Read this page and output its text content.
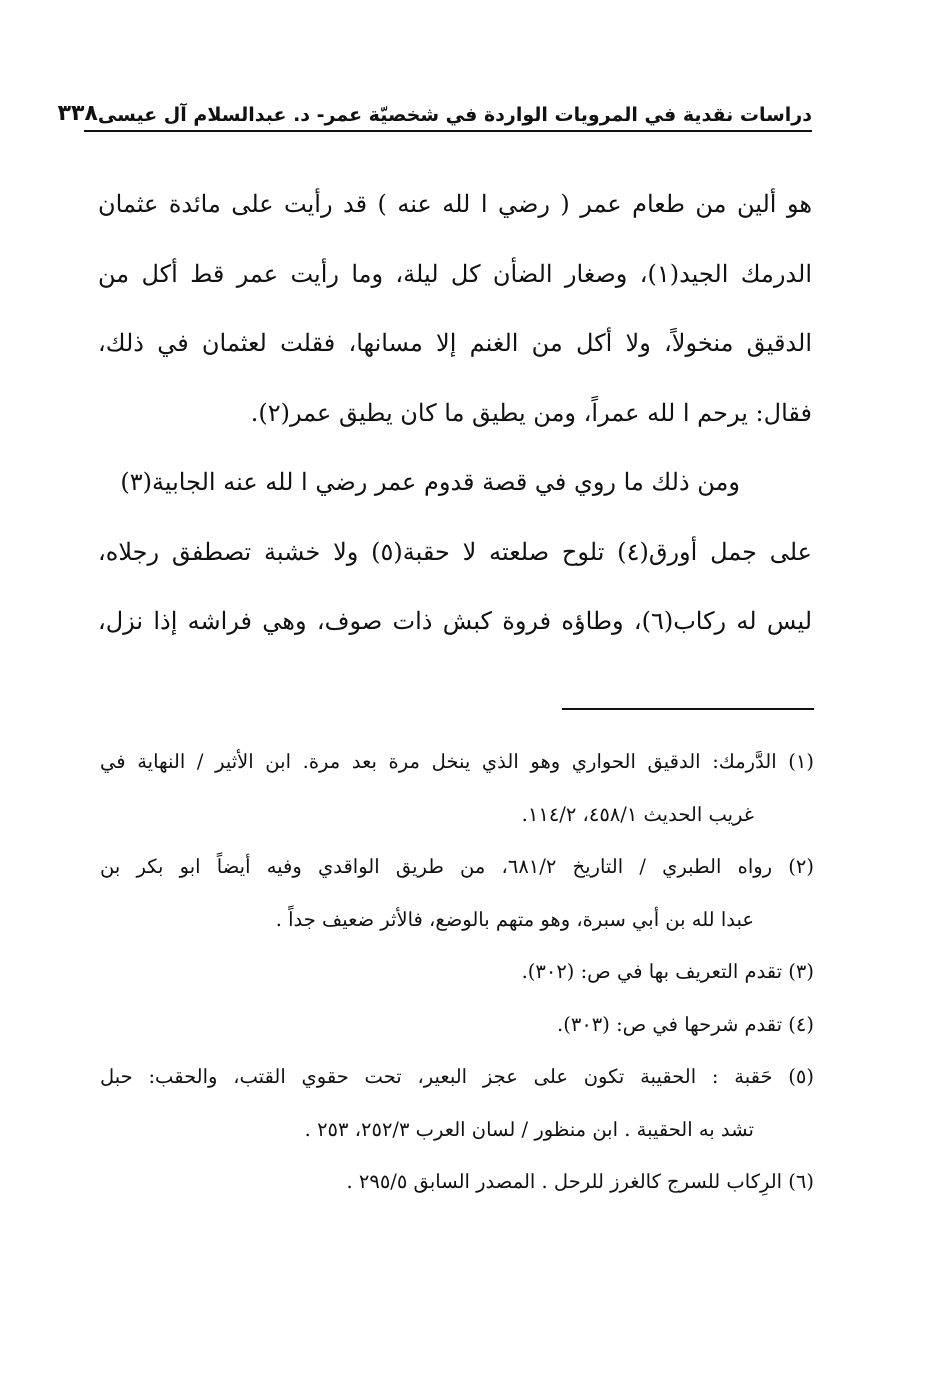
دراسات نقدية في المرويات الواردة في شخصيّة عمر- د. عبدالسلام آل عيسى
٣٣٨
هو ألين من طعام عمر ( رضي ا لله عنه ) قد رأيت على مائدة عثمان
الدرمك الجيد(١)، وصغار الضأن كل ليلة، وما رأيت عمر قط أكل من
الدقيق منخولاً، ولا أكل من الغنم إلا مسانها، فقلت لعثمان في ذلك،
فقال: يرحم ا لله عمراً، ومن يطيق ما كان يطيق عمر(٢).
ومن ذلك ما روي في قصة قدوم عمر رضي ا لله عنه الجابية(٣)
على جمل أورق(٤) تلوح صلعته لا حقبة(٥) ولا خشبة تصطفق رجلاه،
ليس له ركاب(٦)، وطاؤه فروة كبش ذات صوف، وهي فراشه إذا نزل،
(١) الدَّرمك: الدقيق الحواري وهو الذي ينخل مرة بعد مرة. ابن الأثير / النهاية في
غريب الحديث ٤٥٨/١، ١١٤/٢.
(٢) رواه الطبري / التاريخ ٦٨١/٢، من طريق الواقدي وفيه أيضاً ابو بكر بن
عبدا لله بن أبي سبرة، وهو متهم بالوضع، فالأثر ضعيف جداً .
(٣) تقدم التعريف بها في ص: (٣٠٢).
(٤) تقدم شرحها في ص: (٣٠٣).
(٥) حَقبة : الحقيبة تكون على عجز البعير، تحت حقوي القتب، والحقب: حبل
تشد به الحقيبة . ابن منظور / لسان العرب ٢٥٢/٣، ٢٥٣ .
(٦) الرِكاب للسرج كالغرز للرحل . المصدر السابق ٢٩٥/٥ .
